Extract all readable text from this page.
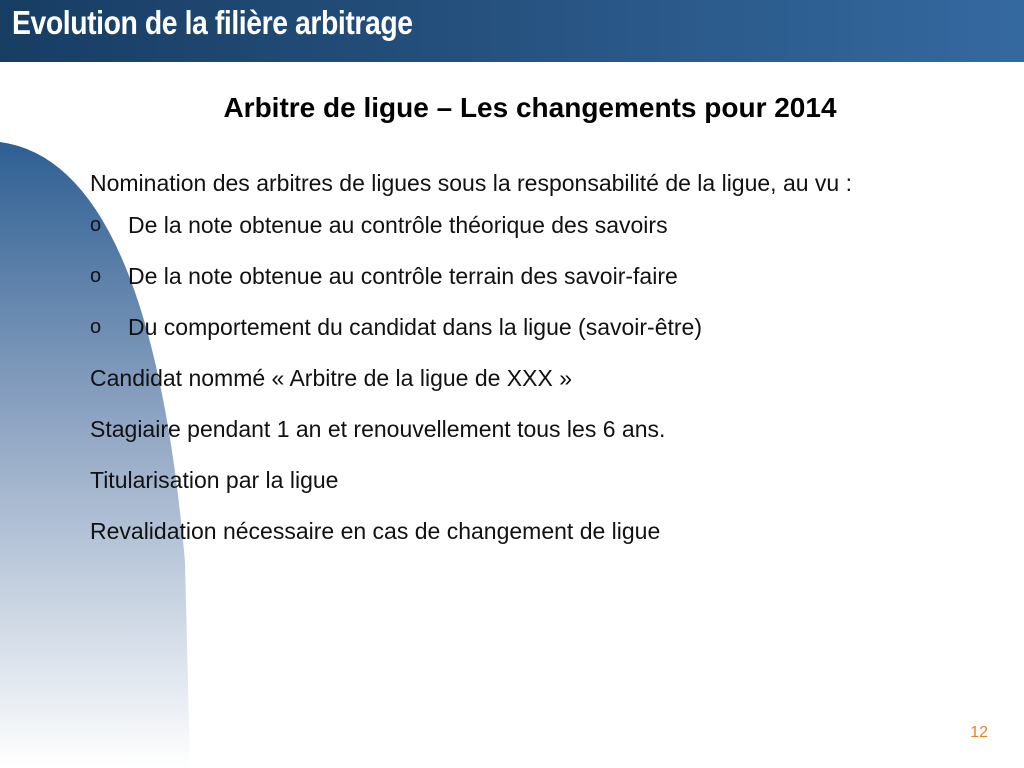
Evolution de la filière arbitrage
Arbitre de ligue – Les changements pour 2014

Nomination des arbitres de ligues sous la responsabilité de la ligue, au vu :

o De la note obtenue au contrôle théorique des savoirs
o De la note obtenue au contrôle terrain des savoir-faire
o Du comportement du candidat dans la ligue (savoir-être)

Candidat nommé « Arbitre de la ligue de XXX »

Stagiaire pendant 1 an et renouvellement tous les 6 ans.

Titularisation par la ligue

Revalidation nécessaire en cas de changement de ligue

12
